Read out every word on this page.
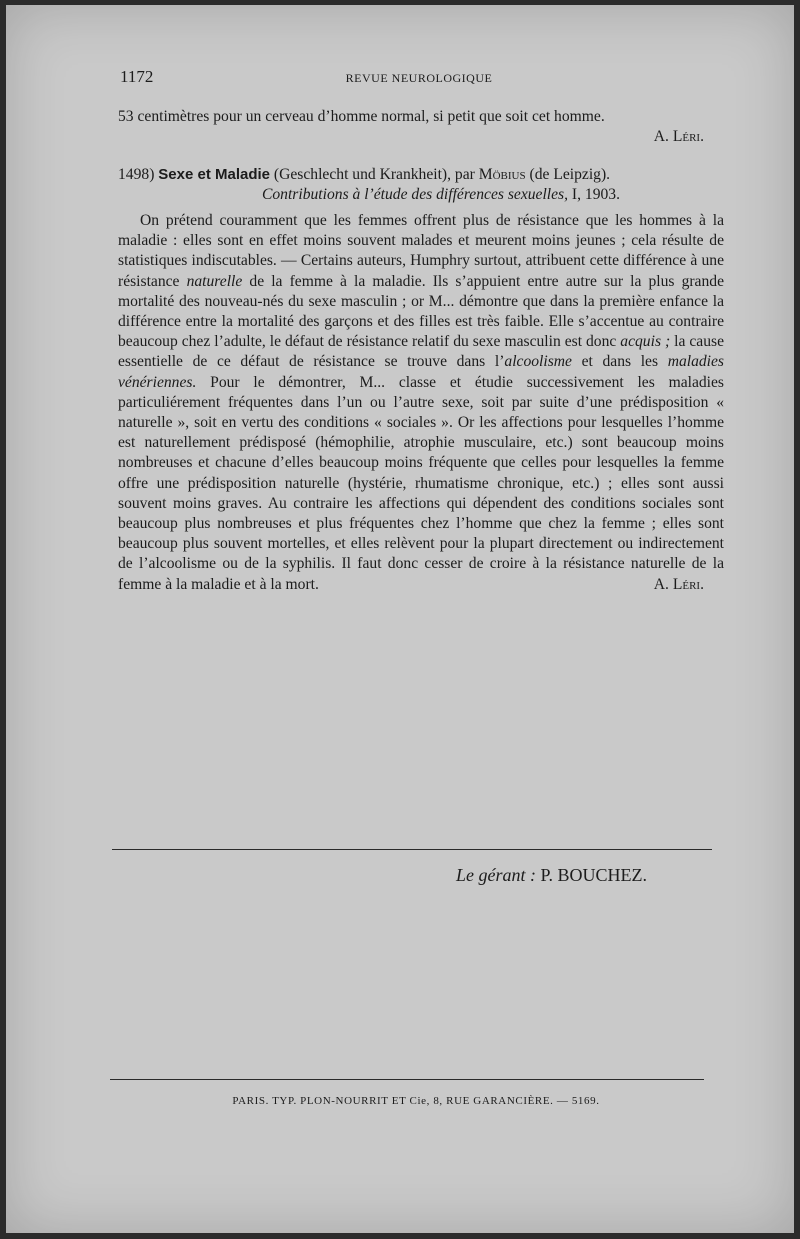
1172	REVUE NEUROLOGIQUE

53 centimètres pour un cerveau d’homme normal, si petit que soit cet homme.

A. Léri.

1498) Sexe et Maladie (Geschlecht und Krankheit), par Möbius (de Leipzig).
Contributions à l’étude des différences sexuelles, I, 1903.

On prétend couramment que les femmes offrent plus de résistance que les hommes à la maladie : elles sont en effet moins souvent malades et meurent moins jeunes ; cela résulte de statistiques indiscutables. — Certains auteurs, Humphry surtout, attribuent cette différence à une résistance naturelle de la femme à la maladie. Ils s’appuient entre autre sur la plus grande mortalité des nouveau-nés du sexe masculin ; or M... démontre que dans la première enfance la différence entre la mortalité des garçons et des filles est très faible. Elle s’accentue au contraire beaucoup chez l’adulte, le défaut de résistance relatif du sexe masculin est donc acquis ; la cause essentielle de ce défaut de résistance se trouve dans l’alcoolisme et dans les maladies vénériennes. Pour le démontrer, M... classe et étudie successivement les maladies particuliérement fréquentes dans l’un ou l’autre sexe, soit par suite d’une prédisposition « naturelle », soit en vertu des conditions « sociales ». Or les affections pour lesquelles l’homme est naturellement prédisposé (hémophilie, atrophie musculaire, etc.) sont beaucoup moins nombreuses et chacune d’elles beaucoup moins fréquente que celles pour lesquelles la femme offre une prédisposition naturelle (hystérie, rhumatisme chronique, etc.) ; elles sont aussi souvent moins graves. Au contraire les affections qui dépendent des conditions sociales sont beaucoup plus nombreuses et plus fréquentes chez l’homme que chez la femme ; elles sont beaucoup plus souvent mortelles, et elles relèvent pour la plupart directement ou indirectement de l’alcoolisme ou de la syphilis. Il faut donc cesser de croire à la résistance naturelle de la femme à la maladie et à la mort.	A. Léri.

Le gérant : P. BOUCHEZ.
PARIS. TYP. PLON-NOURRIT ET Cie, 8, RUE GARANCIÈRE. — 5169.
